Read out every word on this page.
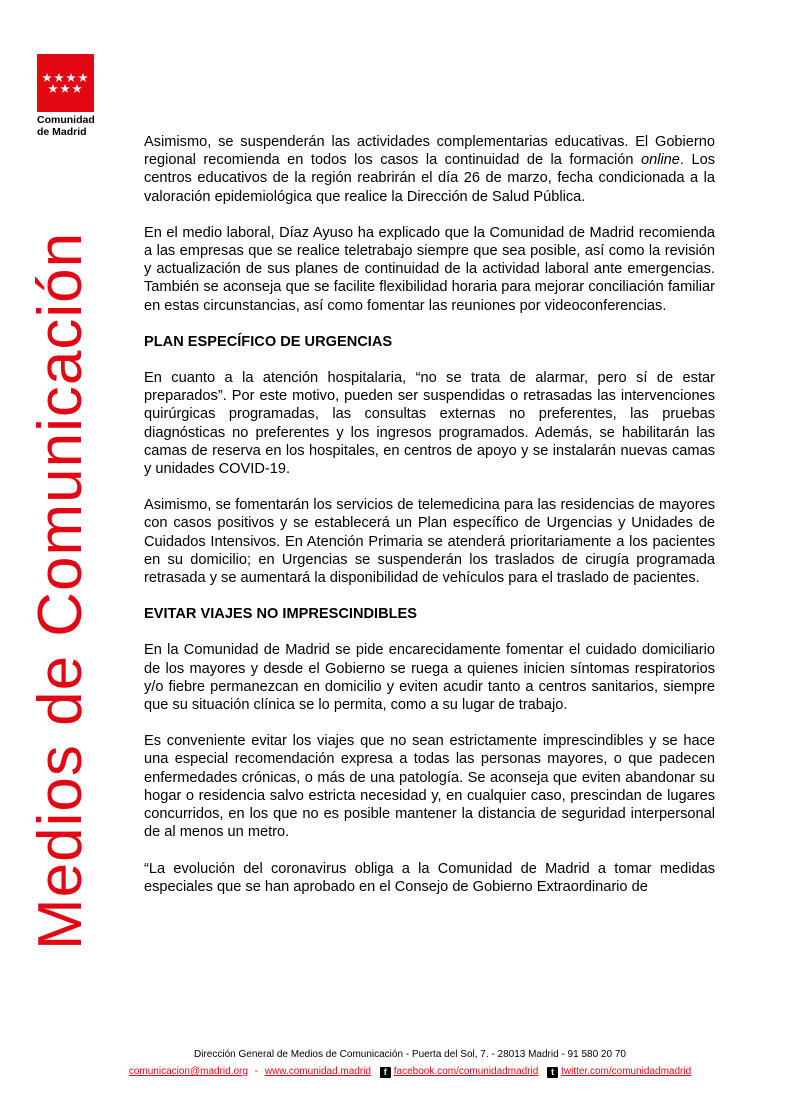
Comunidad
de Madrid
Medios de Comunicación

Asimismo, se suspenderán las actividades complementarias educativas. El Gobierno regional recomienda en todos los casos la continuidad de la formación online. Los centros educativos de la región reabrirán el día 26 de marzo, fecha condicionada a la valoración epidemiológica que realice la Dirección de Salud Pública.

En el medio laboral, Díaz Ayuso ha explicado que la Comunidad de Madrid recomienda a las empresas que se realice teletrabajo siempre que sea posible, así como la revisión y actualización de sus planes de continuidad de la actividad laboral ante emergencias. También se aconseja que se facilite flexibilidad horaria para mejorar conciliación familiar en estas circunstancias, así como fomentar las reuniones por videoconferencias.

PLAN ESPECÍFICO DE URGENCIAS

En cuanto a la atención hospitalaria, “no se trata de alarmar, pero sí de estar preparados”. Por este motivo, pueden ser suspendidas o retrasadas las intervenciones quirúrgicas programadas, las consultas externas no preferentes, las pruebas diagnósticas no preferentes y los ingresos programados. Además, se habilitarán las camas de reserva en los hospitales, en centros de apoyo y se instalarán nuevas camas y unidades COVID-19.

Asimismo, se fomentarán los servicios de telemedicina para las residencias de mayores con casos positivos y se establecerá un Plan específico de Urgencias y Unidades de Cuidados Intensivos. En Atención Primaria se atenderá prioritariamente a los pacientes en su domicilio; en Urgencias se suspenderán los traslados de cirugía programada retrasada y se aumentará la disponibilidad de vehículos para el traslado de pacientes.

EVITAR VIAJES NO IMPRESCINDIBLES

En la Comunidad de Madrid se pide encarecidamente fomentar el cuidado domiciliario de los mayores y desde el Gobierno se ruega a quienes inicien síntomas respiratorios y/o fiebre permanezcan en domicilio y eviten acudir tanto a centros sanitarios, siempre que su situación clínica se lo permita, como a su lugar de trabajo.

Es conveniente evitar los viajes que no sean estrictamente imprescindibles y se hace una especial recomendación expresa a todas las personas mayores, o que padecen enfermedades crónicas, o más de una patología. Se aconseja que eviten abandonar su hogar o residencia salvo estricta necesidad y, en cualquier caso, prescindan de lugares concurridos, en los que no es posible mantener la distancia de seguridad interpersonal de al menos un metro.

“La evolución del coronavirus obliga a la Comunidad de Madrid a tomar medidas especiales que se han aprobado en el Consejo de Gobierno Extraordinario de

Dirección General de Medios de Comunicación - Puerta del Sol, 7. - 28013 Madrid - 91 580 20 70
comunicacion@madrid.org - www.comunidad.madrid f facebook.com/comunidadmadrid t twitter.com/comunidadmadrid
